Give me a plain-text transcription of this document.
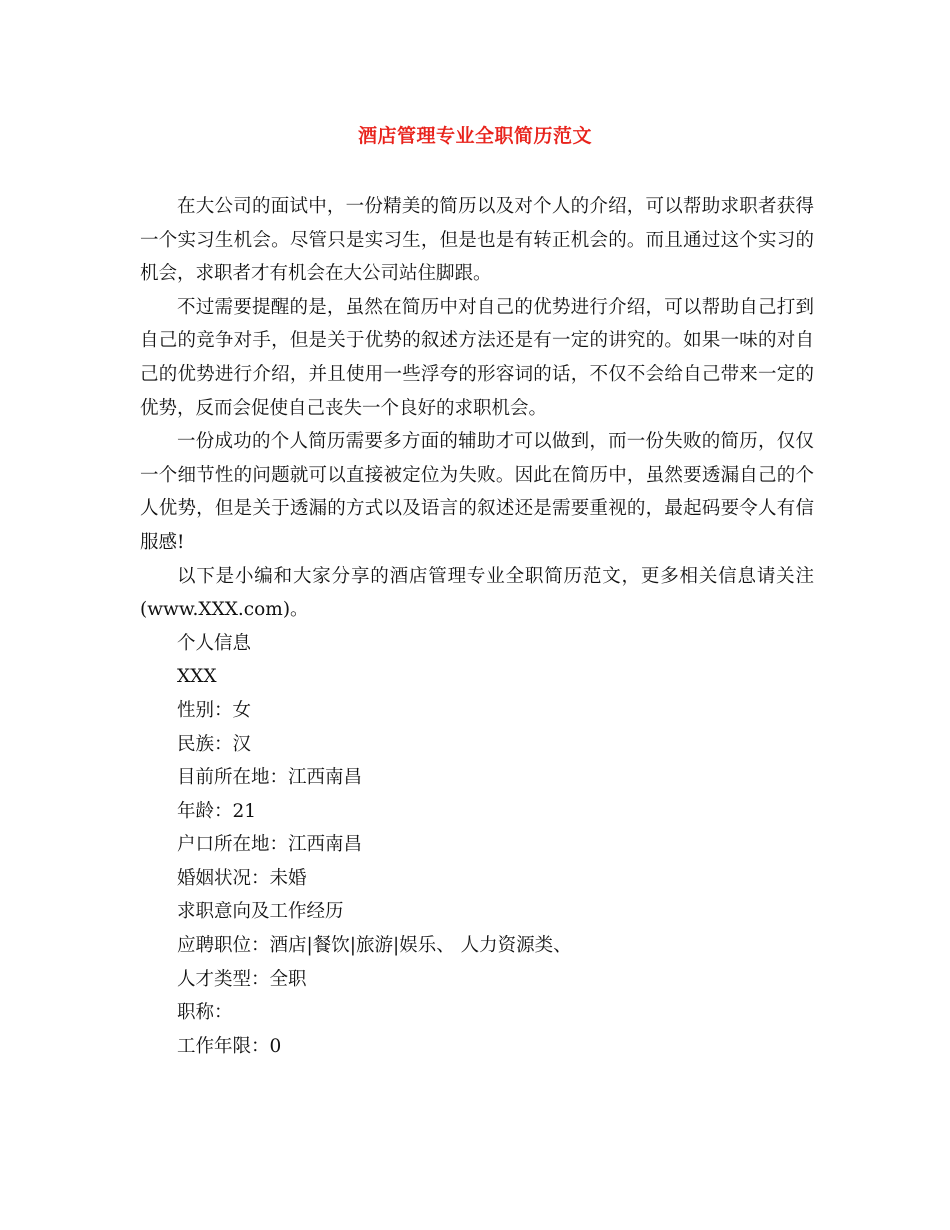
酒店管理专业全职简历范文

在大公司的面试中，一份精美的简历以及对个人的介绍，可以帮助求职者获得一个实习生机会。尽管只是实习生，但是也是有转正机会的。而且通过这个实习的机会，求职者才有机会在大公司站住脚跟。

不过需要提醒的是，虽然在简历中对自己的优势进行介绍，可以帮助自己打到自己的竞争对手，但是关于优势的叙述方法还是有一定的讲究的。如果一味的对自己的优势进行介绍，并且使用一些浮夸的形容词的话，不仅不会给自己带来一定的优势，反而会促使自己丧失一个良好的求职机会。

一份成功的个人简历需要多方面的辅助才可以做到，而一份失败的简历，仅仅一个细节性的问题就可以直接被定位为失败。因此在简历中，虽然要透漏自己的个人优势，但是关于透漏的方式以及语言的叙述还是需要重视的，最起码要令人有信服感!

以下是小编和大家分享的酒店管理专业全职简历范文，更多相关信息请关注(www.XXX.com)。

个人信息

XXX

性别：女

民族：汉

目前所在地：江西南昌

年龄：21

户口所在地：江西南昌

婚姻状况：未婚

求职意向及工作经历

应聘职位：酒店|餐饮|旅游|娱乐、 人力资源类、

人才类型：全职

职称：

工作年限：0
